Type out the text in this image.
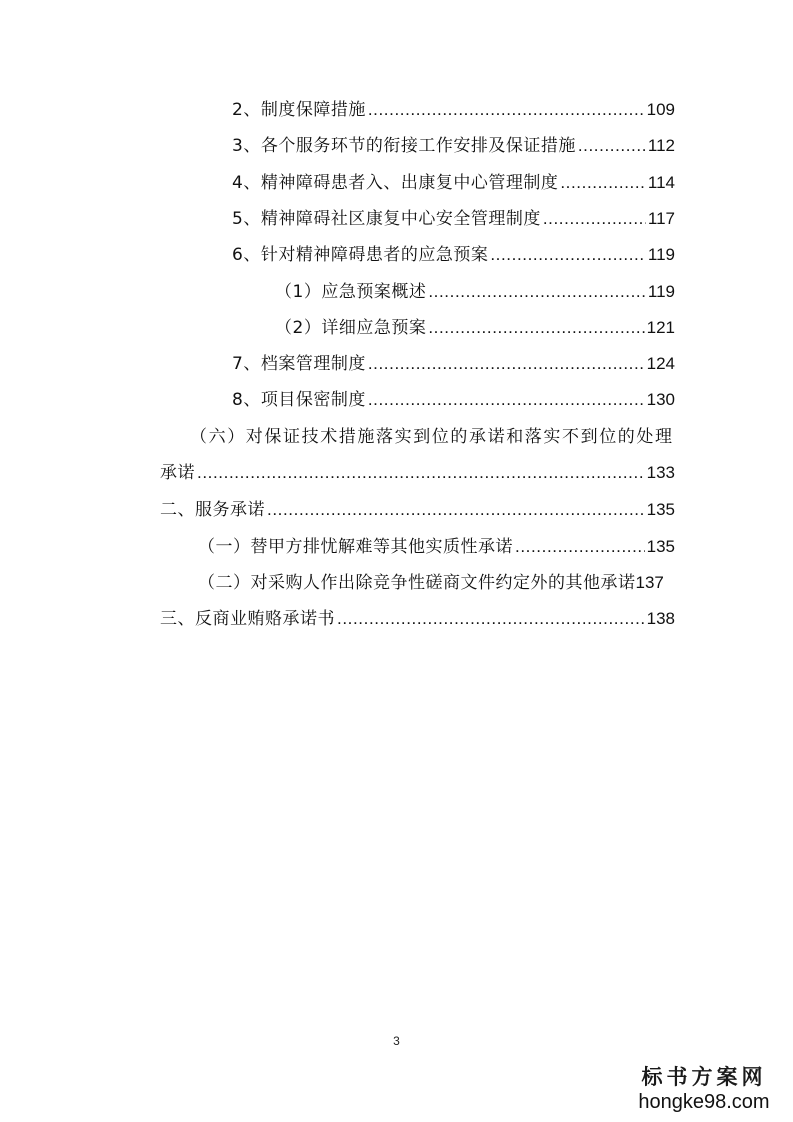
2、制度保障措施 .....	109
3、各个服务环节的衔接工作安排及保证措施 .....	112
4、精神障碍患者入、出康复中心管理制度 .....	114
5、精神障碍社区康复中心安全管理制度 .....	117
6、针对精神障碍患者的应急预案 .....	119
（1）应急预案概述 .....	119
（2）详细应急预案 .....	121
7、档案管理制度 .....	124
8、项目保密制度 .....	130
（六）对保证技术措施落实到位的承诺和落实不到位的处理
承诺 .....	133
二、服务承诺 .....	135
（一）替甲方排忧解难等其他实质性承诺 .....	135
（二）对采购人作出除竞争性磋商文件约定外的其他承诺 137
三、反商业贿赂承诺书 .....	138
3
标书方案网
hongke98.com
